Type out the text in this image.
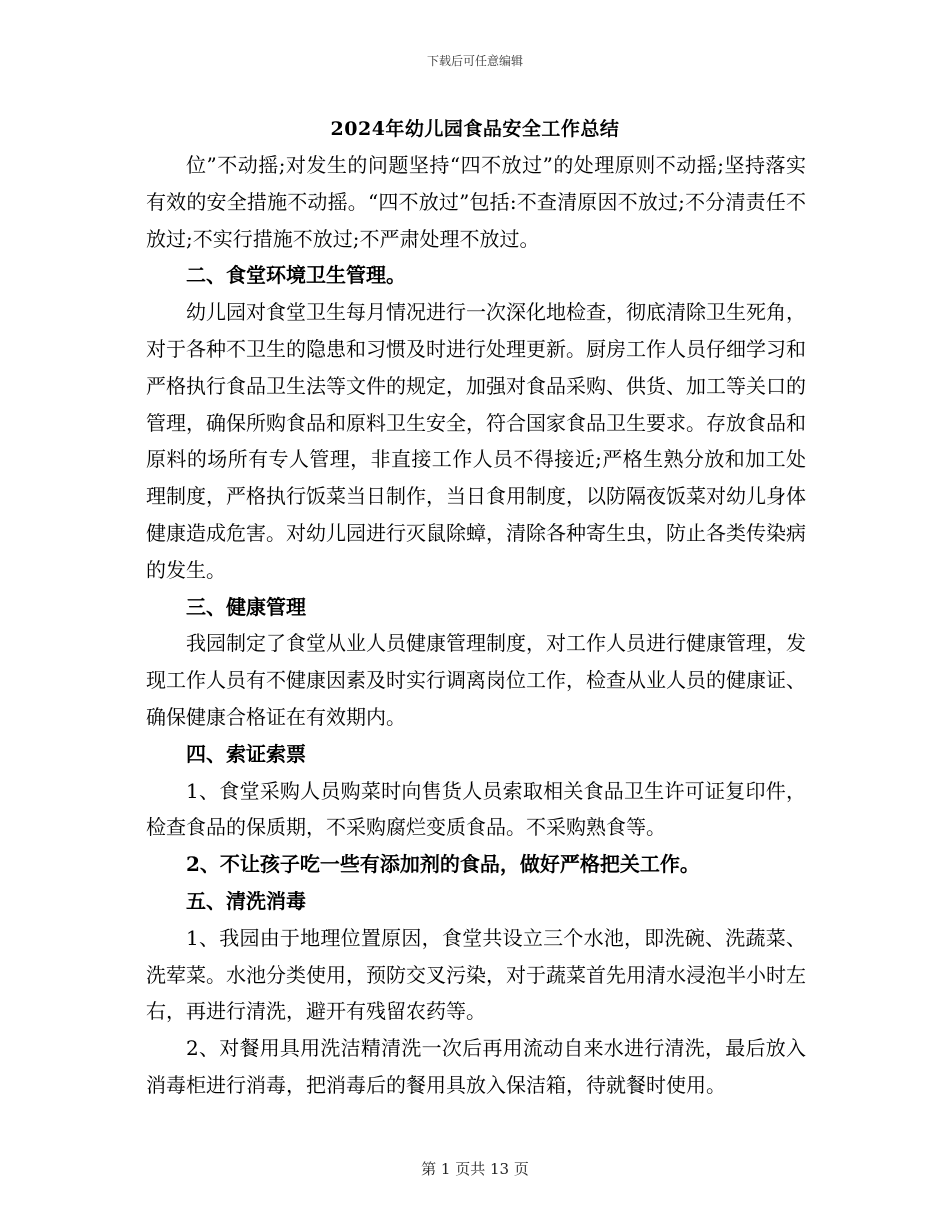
下载后可任意编辑
2024年幼儿园食品安全工作总结

位”不动摇;对发生的问题坚持“四不放过”的处理原则不动摇;坚持落实有效的安全措施不动摇。“四不放过”包括:不查清原因不放过;不分清责任不放过;不实行措施不放过;不严肃处理不放过。

二、食堂环境卫生管理。

幼儿园对食堂卫生每月情况进行一次深化地检查，彻底清除卫生死角，对于各种不卫生的隐患和习惯及时进行处理更新。厨房工作人员仔细学习和严格执行食品卫生法等文件的规定，加强对食品采购、供货、加工等关口的管理，确保所购食品和原料卫生安全，符合国家食品卫生要求。存放食品和原料的场所有专人管理，非直接工作人员不得接近;严格生熟分放和加工处理制度，严格执行饭菜当日制作，当日食用制度，以防隔夜饭菜对幼儿身体健康造成危害。对幼儿园进行灭鼠除蟑，清除各种寄生虫，防止各类传染病的发生。

三、健康管理

我园制定了食堂从业人员健康管理制度，对工作人员进行健康管理，发现工作人员有不健康因素及时实行调离岗位工作，检查从业人员的健康证、确保健康合格证在有效期内。

四、索证索票

1、食堂采购人员购菜时向售货人员索取相关食品卫生许可证复印件，检查食品的保质期，不采购腐烂变质食品。不采购熟食等。

2、不让孩子吃一些有添加剂的食品，做好严格把关工作。

五、清洗消毒

1、我园由于地理位置原因，食堂共设立三个水池，即洗碗、洗蔬菜、洗荤菜。水池分类使用，预防交叉污染，对于蔬菜首先用清水浸泡半小时左右，再进行清洗，避开有残留农药等。

2、对餐用具用洗洁精清洗一次后再用流动自来水进行清洗，最后放入消毒柜进行消毒，把消毒后的餐用具放入保洁箱，待就餐时使用。

第 1 页共 13 页
